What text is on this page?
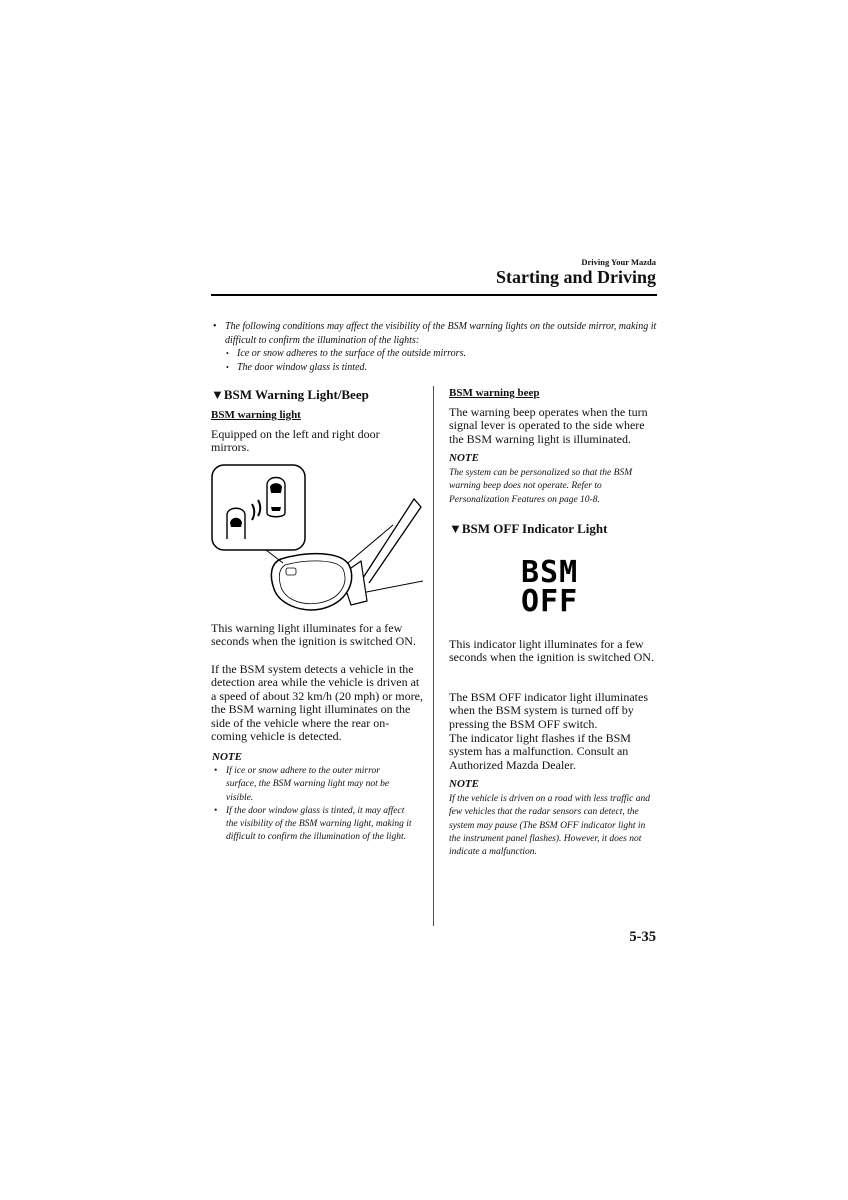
Driving Your Mazda
Starting and Driving
• The following conditions may affect the visibility of the BSM warning lights on the outside mirror, making it difficult to confirm the illumination of the lights:
• Ice or snow adheres to the surface of the outside mirrors.
• The door window glass is tinted.
▼BSM Warning Light/Beep
BSM warning light
Equipped on the left and right door mirrors.
This warning light illuminates for a few seconds when the ignition is switched ON.
If the BSM system detects a vehicle in the detection area while the vehicle is driven at a speed of about 32 km/h (20 mph) or more, the BSM warning light illuminates on the side of the vehicle where the rear on-coming vehicle is detected.
NOTE
• If ice or snow adhere to the outer mirror surface, the BSM warning light may not be visible.
• If the door window glass is tinted, it may affect the visibility of the BSM warning light, making it difficult to confirm the illumination of the light.
BSM warning beep
The warning beep operates when the turn signal lever is operated to the side where the BSM warning light is illuminated.
NOTE
The system can be personalized so that the BSM warning beep does not operate. Refer to Personalization Features on page 10-8.
▼BSM OFF Indicator Light
BSM
OFF
This indicator light illuminates for a few seconds when the ignition is switched ON.
The BSM OFF indicator light illuminates when the BSM system is turned off by pressing the BSM OFF switch.
The indicator light flashes if the BSM system has a malfunction. Consult an Authorized Mazda Dealer.
NOTE
If the vehicle is driven on a road with less traffic and few vehicles that the radar sensors can detect, the system may pause (The BSM OFF indicator light in the instrument panel flashes). However, it does not indicate a malfunction.
5-35
